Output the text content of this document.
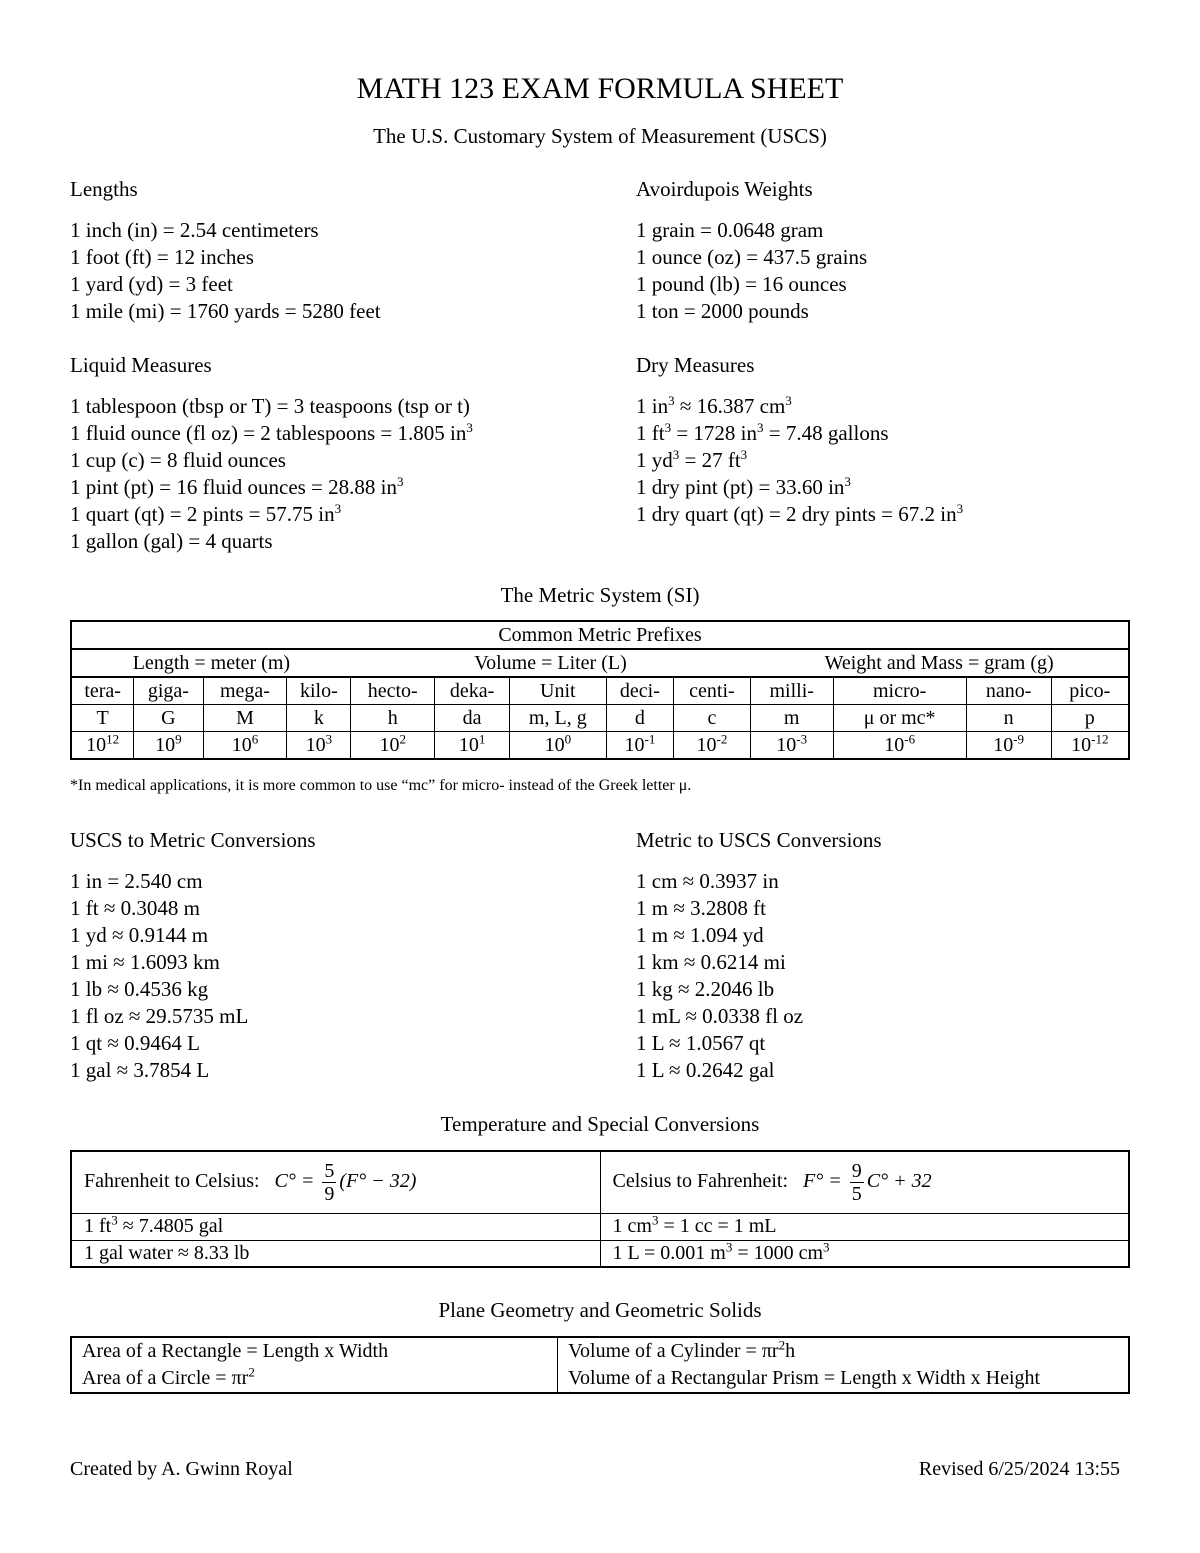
MATH 123 EXAM FORMULA SHEET
The U.S. Customary System of Measurement (USCS)
Lengths
1 inch (in) = 2.54 centimeters
1 foot (ft) = 12 inches
1 yard (yd) = 3 feet
1 mile (mi) = 1760 yards = 5280 feet
Avoirdupois Weights
1 grain = 0.0648 gram
1 ounce (oz) = 437.5 grains
1 pound (lb) = 16 ounces
1 ton = 2000 pounds
Liquid Measures
1 tablespoon (tbsp or T) = 3 teaspoons (tsp or t)
1 fluid ounce (fl oz) = 2 tablespoons = 1.805 $in^3$
1 cup (c) = 8 fluid ounces
1 pint (pt) = 16 fluid ounces = 28.88 $in^3$
1 quart (qt) = 2 pints = 57.75 $in^3$
1 gallon (gal) = 4 quarts
Dry Measures
1 $in^3 \approx 16.387$ $cm^3$
1 $ft^3 = 1728$ $in^3 = 7.48$ gallons
1 $yd^3 = 27$ $ft^3$
1 dry pint (pt) = 33.60 $in^3$
1 dry quart (qt) = 2 dry pints = 67.2 $in^3$
The Metric System (SI)
Common Metric Prefixes												
Length = meter (m)				Volume = Liter (L)					Weight and Mass = gram (g)			
tera-	giga-	mega-	kilo-	hecto-	deka-	Unit	deci-	centi-	milli-	micro-	nano-	pico-
T	G	M	k	h	da	m, L, g	d	c	m	μ or mc*	n	p
$10^{12}$	$10^9$	$10^6$	$10^3$	$10^2$	$10^1$	$10^0$	$10^{-1}$	$10^{-2}$	$10^{-3}$	$10^{-6}$	$10^{-9}$	$10^{-12}$
*In medical applications, it is more common to use “mc” for micro- instead of the Greek letter μ.
USCS to Metric Conversions
1 in = 2.540 cm
1 ft ≈ 0.3048 m
1 yd ≈ 0.9144 m
1 mi ≈ 1.6093 km
1 lb ≈ 0.4536 kg
1 fl oz ≈ 29.5735 mL
1 qt ≈ 0.9464 L
1 gal ≈ 3.7854 L
Metric to USCS Conversions
1 cm ≈ 0.3937 in
1 m ≈ 3.2808 ft
1 m ≈ 1.094 yd
1 km ≈ 0.6214 mi
1 kg ≈ 2.2046 lb
1 mL ≈ 0.0338 fl oz
1 L ≈ 1.0567 qt
1 L ≈ 0.2642 gal
Temperature and Special Conversions
Fahrenheit to Celsius: $C^\circ = \frac{5}{9} (F^\circ - 32)$	Celsius to Fahrenheit: $F^\circ = \frac{9}{5} C^\circ + 32$
1 $ft^3 \approx 7.4805$ gal	1 $cm^3 = 1$ cc = 1 mL
1 gal water ≈ 8.33 lb	1 L = 0.001 $m^3 = 1000$ $cm^3$
Plane Geometry and Geometric Solids
Area of a Rectangle = Length x Width
Area of a Circle = $\pi r^2$

Volume of a Cylinder = $\pi r^2h$
Volume of a Rectangular Prism = Length x Width x Height
Created by A. Gwinn Royal	Revised 6/25/2024 13:55
